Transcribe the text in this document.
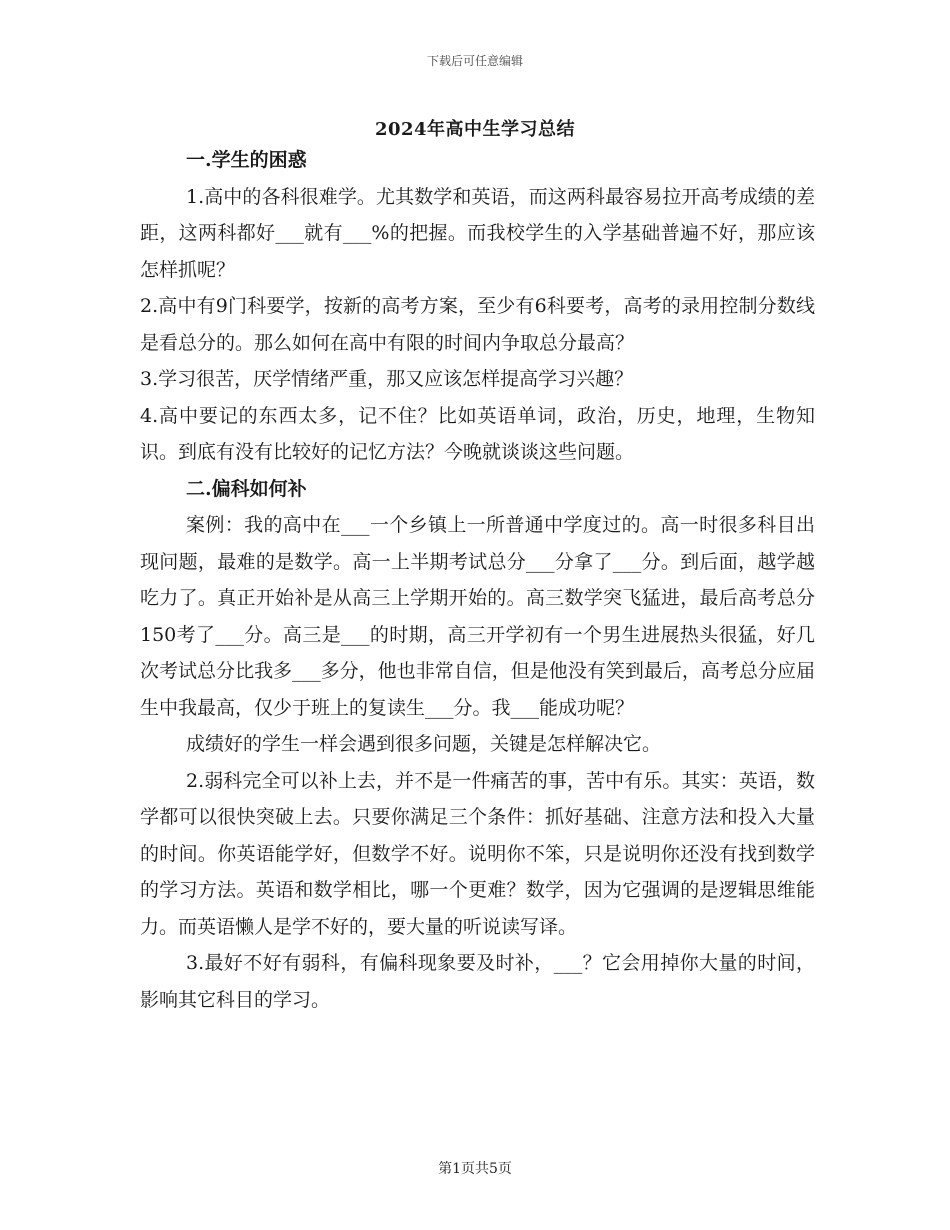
下载后可任意编辑
2024年高中生学习总结
一.学生的困惑

1.高中的各科很难学。尤其数学和英语，而这两科最容易拉开高考成绩的差距，这两科都好___就有___%的把握。而我校学生的入学基础普遍不好，那应该怎样抓呢？

2.高中有9门科要学，按新的高考方案，至少有6科要考，高考的录用控制分数线是看总分的。那么如何在高中有限的时间内争取总分最高？

3.学习很苦，厌学情绪严重，那又应该怎样提高学习兴趣？

4.高中要记的东西太多，记不住？比如英语单词，政治，历史，地理，生物知识。到底有没有比较好的记忆方法？今晚就谈谈这些问题。

二.偏科如何补

案例：我的高中在___一个乡镇上一所普通中学度过的。高一时很多科目出现问题，最难的是数学。高一上半期考试总分___分拿了___分。到后面，越学越吃力了。真正开始补是从高三上学期开始的。高三数学突飞猛进，最后高考总分150考了___分。高三是___的时期，高三开学初有一个男生进展热头很猛，好几次考试总分比我多___多分，他也非常自信，但是他没有笑到最后，高考总分应届生中我最高，仅少于班上的复读生___分。我___能成功呢？

成绩好的学生一样会遇到很多问题，关键是怎样解决它。

2.弱科完全可以补上去，并不是一件痛苦的事，苦中有乐。其实：英语，数学都可以很快突破上去。只要你满足三个条件：抓好基础、注意方法和投入大量的时间。你英语能学好，但数学不好。说明你不笨，只是说明你还没有找到数学的学习方法。英语和数学相比，哪一个更难？数学，因为它强调的是逻辑思维能力。而英语懒人是学不好的，要大量的听说读写译。

3.最好不好有弱科，有偏科现象要及时补，___？它会用掉你大量的时间，影响其它科目的学习。

第1页共5页
